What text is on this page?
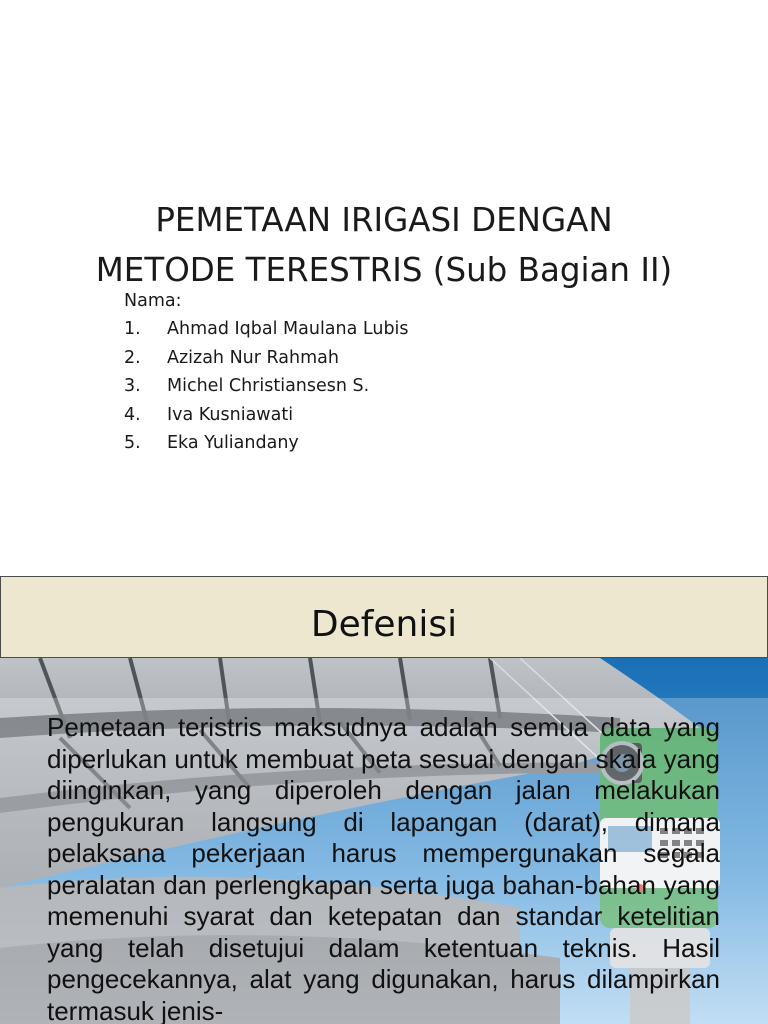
PEMETAAN IRIGASI DENGAN
METODE TERESTRIS (Sub Bagian II)
Nama:
1. Ahmad Iqbal Maulana Lubis
2. Azizah Nur Rahmah
3. Michel Christiansesn S.
4. Iva Kusniawati
5. Eka Yuliandany
Defenisi

Pemetaan teristris maksudnya adalah semua data yang diperlukan untuk membuat peta sesuai dengan skala yang diinginkan, yang diperoleh dengan jalan melakukan pengukuran langsung di lapangan (darat), dimana pelaksana pekerjaan harus mempergunakan segala peralatan dan perlengkapan serta juga bahan-bahan yang memenuhi syarat dan ketepatan dan standar ketelitian yang telah disetujui dalam ketentuan teknis. Hasil pengecekannya, alat yang digunakan, harus dilampirkan termasuk jenis-
